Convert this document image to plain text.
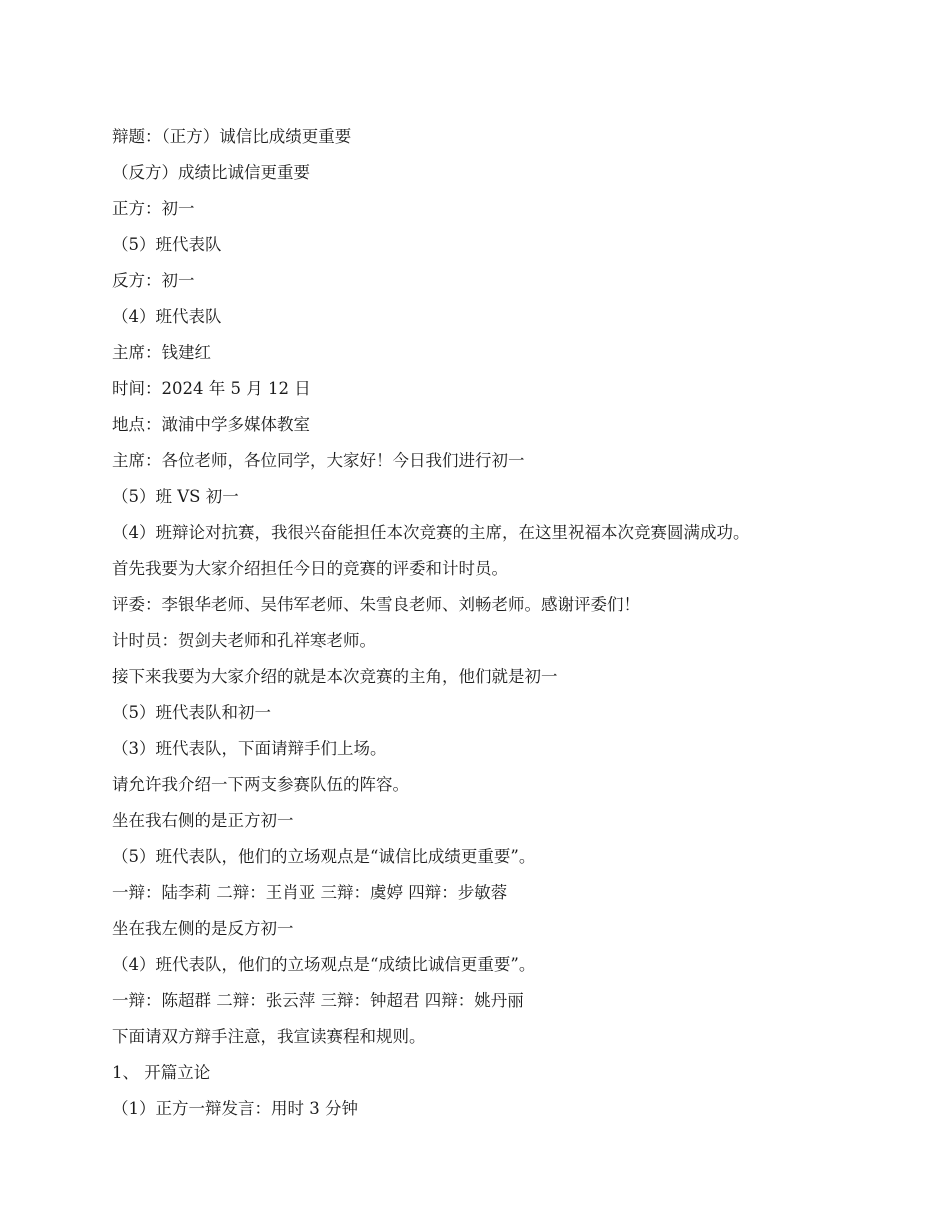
辩题：（正方）诚信比成绩更重要
（反方）成绩比诚信更重要
正方：初一
（5）班代表队
反方：初一
（4）班代表队
主席：钱建红
时间：2024 年 5 月 12 日
地点：澉浦中学多媒体教室
主席：各位老师，各位同学，大家好！今日我们进行初一
（5）班 VS 初一
（4）班辩论对抗赛，我很兴奋能担任本次竞赛的主席，在这里祝福本次竞赛圆满成功。
首先我要为大家介绍担任今日的竞赛的评委和计时员。
评委：李银华老师、吴伟军老师、朱雪良老师、刘畅老师。感谢评委们！
计时员：贺剑夫老师和孔祥寒老师。
接下来我要为大家介绍的就是本次竞赛的主角，他们就是初一
（5）班代表队和初一
（3）班代表队，下面请辩手们上场。
请允许我介绍一下两支参赛队伍的阵容。
坐在我右侧的是正方初一
（5）班代表队，他们的立场观点是“诚信比成绩更重要”。
一辩：陆李莉 二辩：王肖亚 三辩：虞婷 四辩：步敏蓉
坐在我左侧的是反方初一
（4）班代表队，他们的立场观点是“成绩比诚信更重要”。
一辩：陈超群 二辩：张云萍 三辩：钟超君 四辩：姚丹丽
下面请双方辩手注意，我宣读赛程和规则。
1、 开篇立论
（1）正方一辩发言：用时 3 分钟
